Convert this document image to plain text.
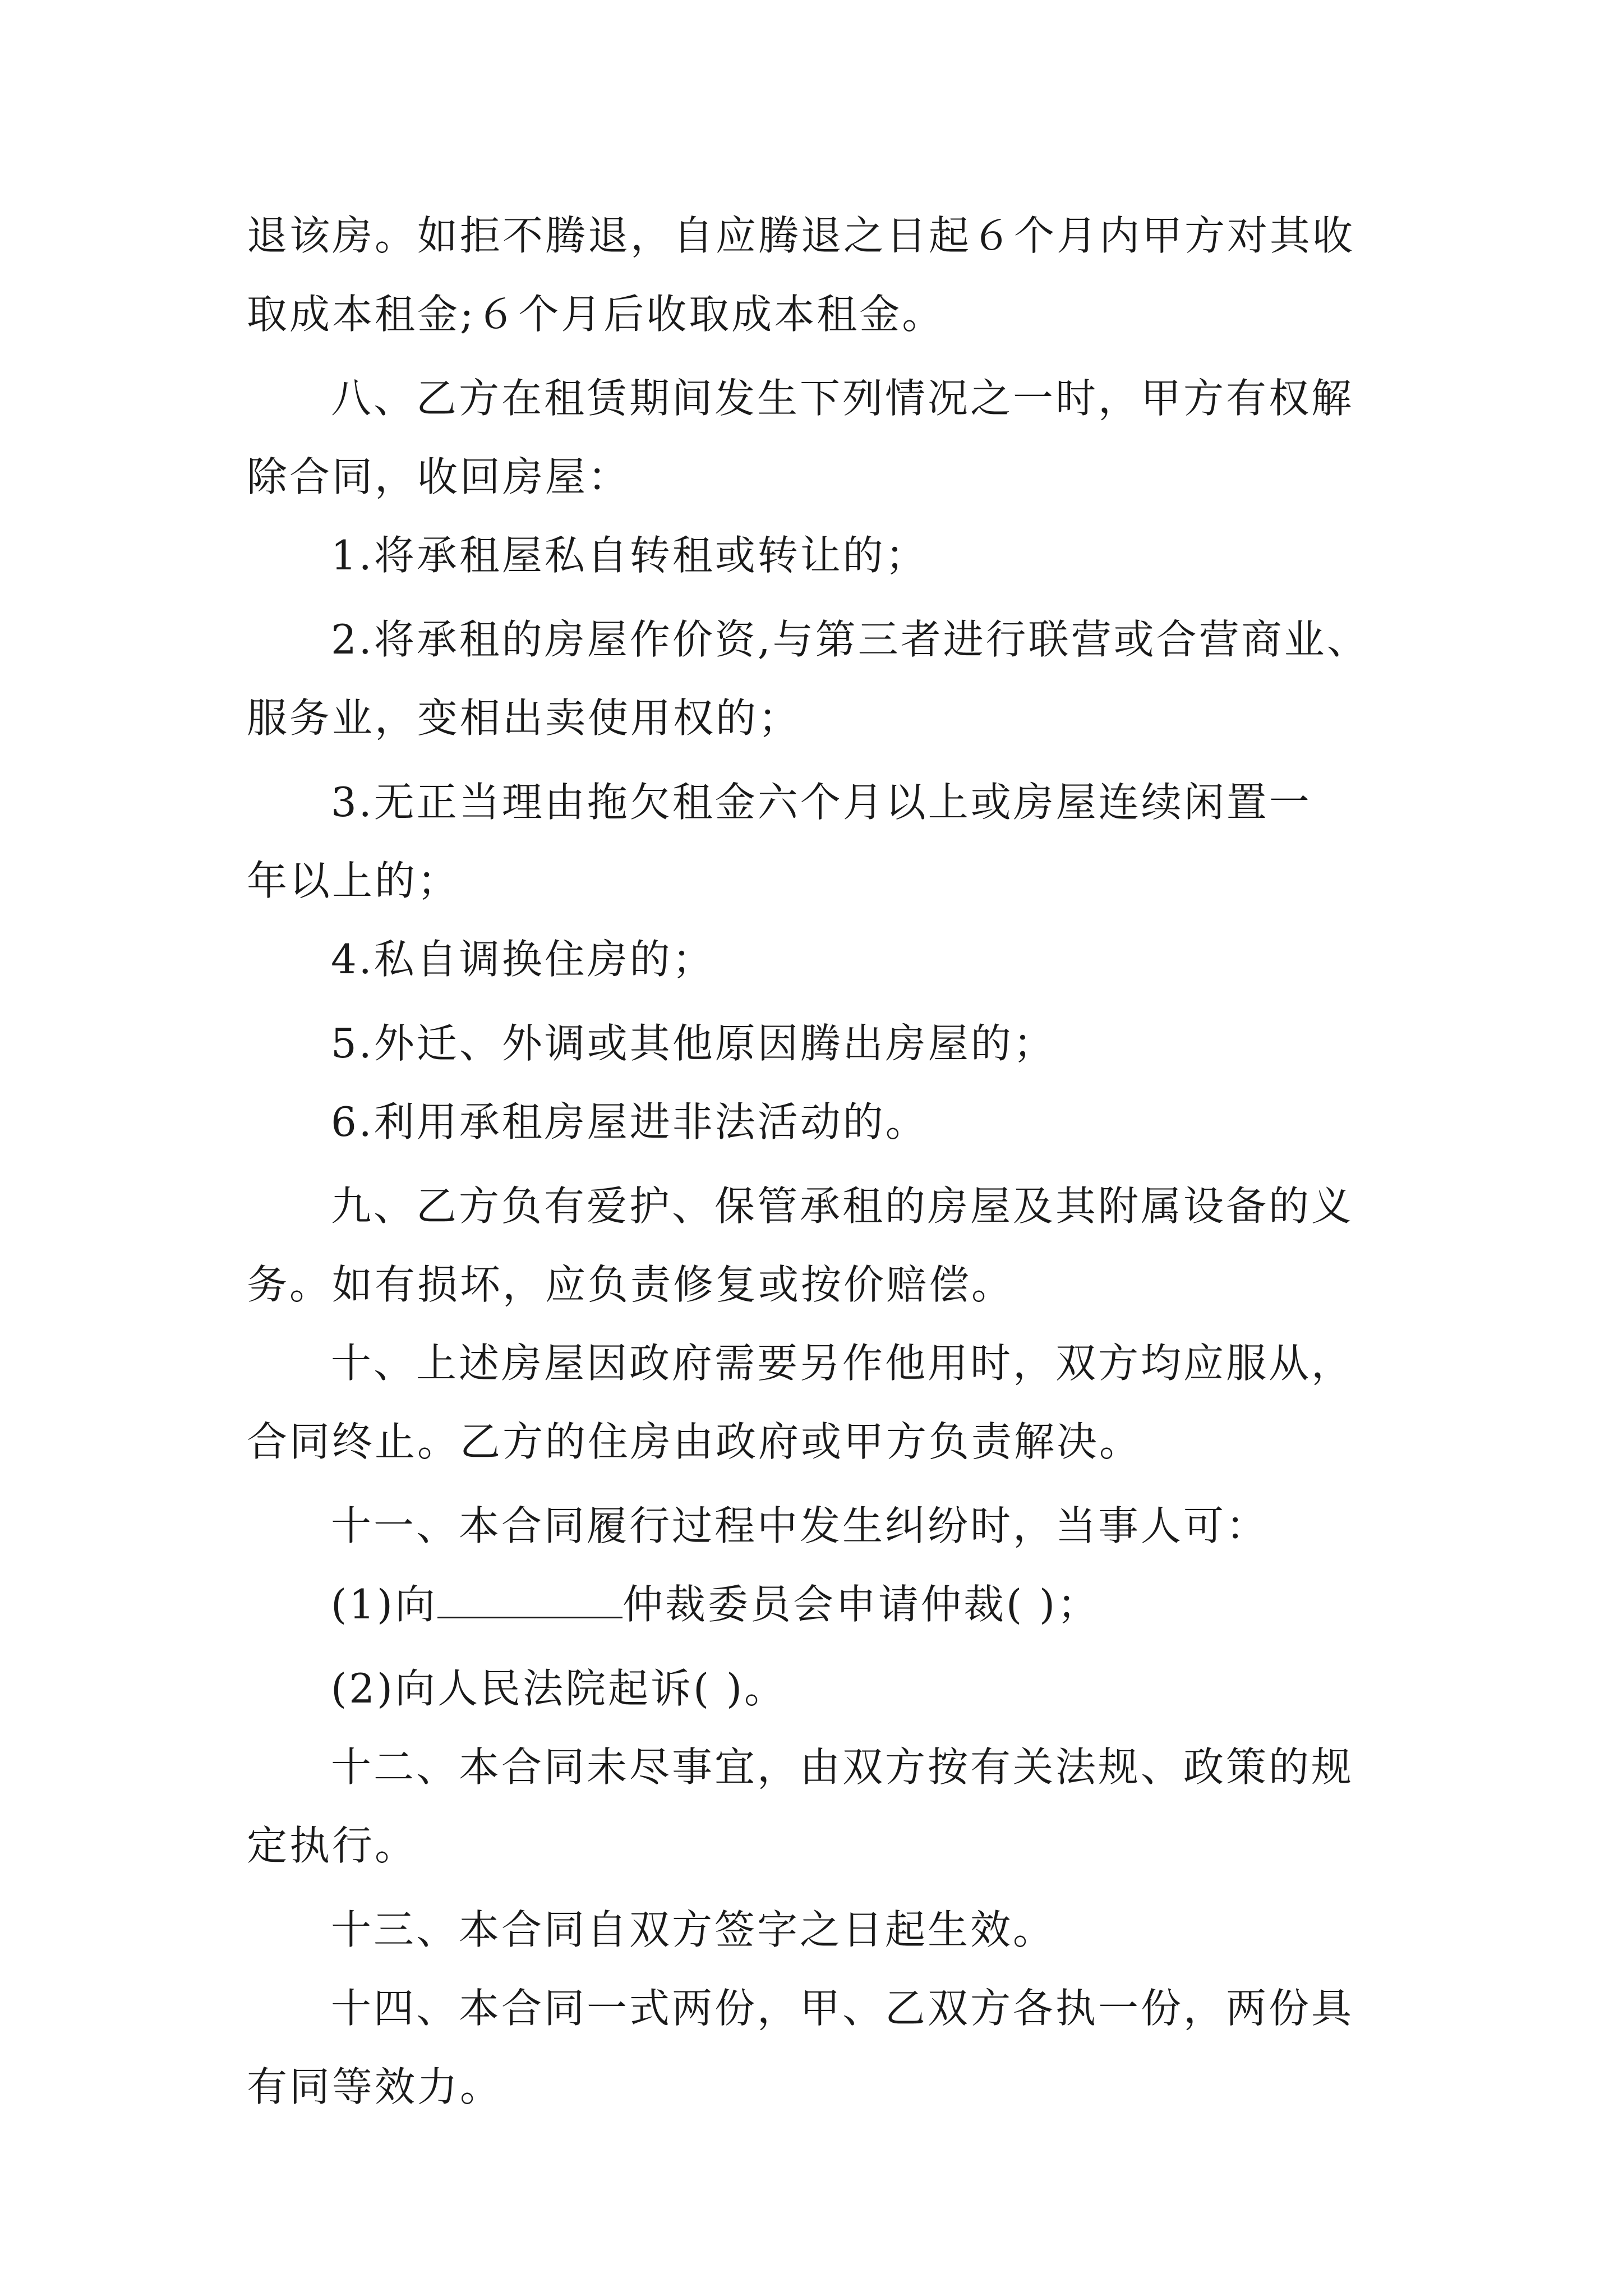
退该房。如拒不腾退，自应腾退之日起６个月内甲方对其收
取成本租金;６个月后收取成本租金。
八、乙方在租赁期间发生下列情况之一时，甲方有权解
除合同，收回房屋：
1.将承租屋私自转租或转让的；
2.将承租的房屋作价资,与第三者进行联营或合营商业、
服务业，变相出卖使用权的；
3.无正当理由拖欠租金六个月以上或房屋连续闲置一
年以上的；
4.私自调换住房的；
5.外迁、外调或其他原因腾出房屋的；
6.利用承租房屋进非法活动的。
九、乙方负有爱护、保管承租的房屋及其附属设备的义
务。如有损坏，应负责修复或按价赔偿。
十、上述房屋因政府需要另作他用时，双方均应服从，
合同终止。乙方的住房由政府或甲方负责解决。
十一、本合同履行过程中发生纠纷时，当事人可：
(1)向	仲裁委员会申请仲裁( )；
(2)向人民法院起诉( )。
十二、本合同未尽事宜，由双方按有关法规、政策的规
定执行。
十三、本合同自双方签字之日起生效。
十四、本合同一式两份，甲、乙双方各执一份，两份具
有同等效力。
